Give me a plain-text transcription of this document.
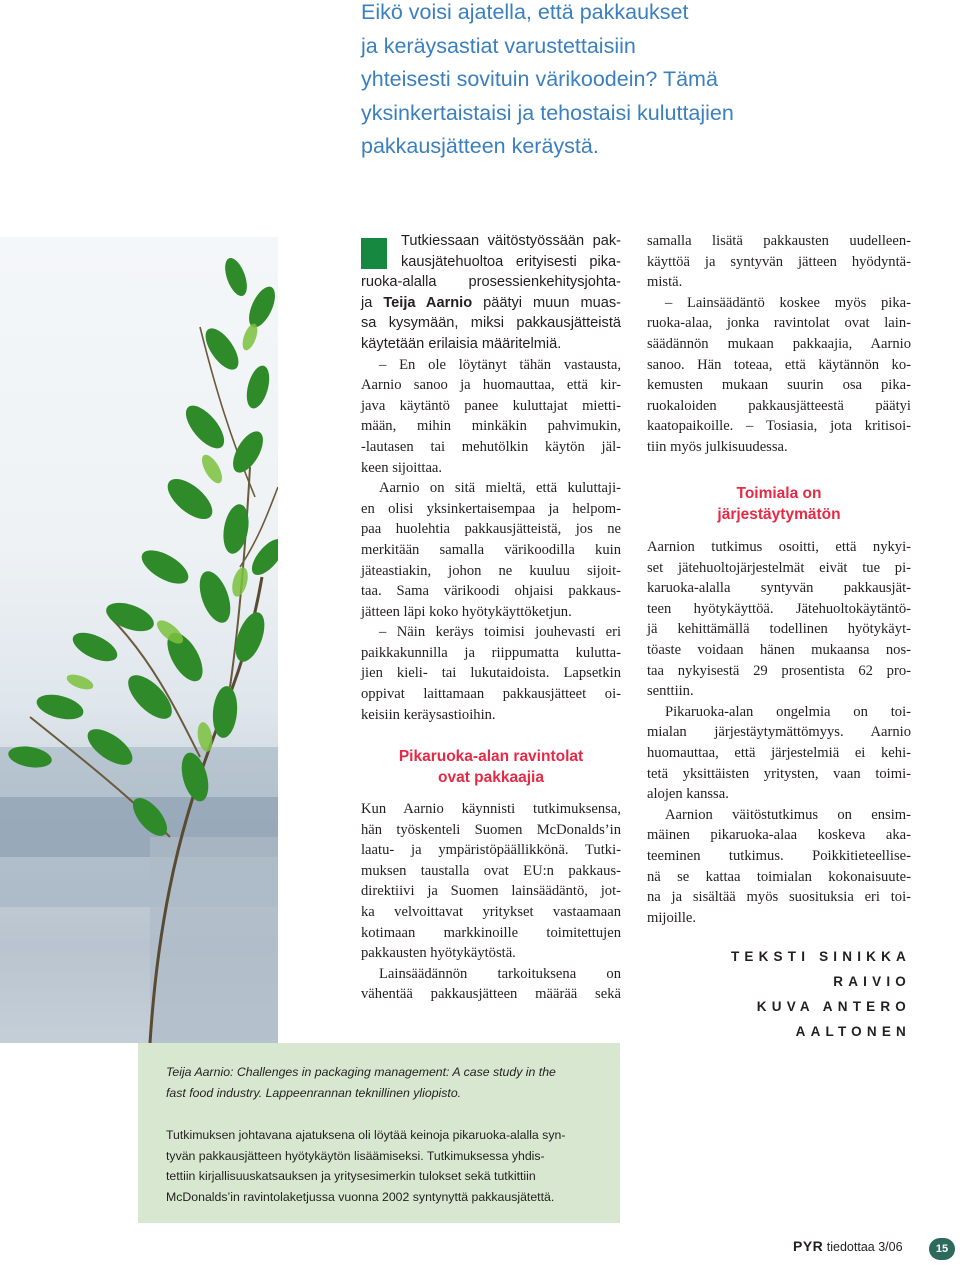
Eikö voisi ajatella, että pakkaukset
ja keräysastiat varustettaisiin
yhteisesti sovituin värikoodein? Tämä
yksinkertaistaisi ja tehostaisi kuluttajien
pakkausjätteen keräystä.
Tutkiessaan väitöstyössään pak-
kausjätehuoltoa erityisesti pika-
ruoka-alalla prosessienkehitysjohta-
ja Teija Aarnio päätyi muun muas-
sa kysymään, miksi pakkausjätteistä
käytetään erilaisia määritelmiä.
– En ole löytänyt tähän vastausta,
Aarnio sanoo ja huomauttaa, että kir-
java käytäntö panee kuluttajat mietti-
mään, mihin minkäkin pahvimukin,
-lautasen tai mehutölkin käytön jäl-
keen sijoittaa.
Aarnio on sitä mieltä, että kuluttaji-
en olisi yksinkertaisempaa ja helpom-
paa huolehtia pakkausjätteistä, jos ne
merkitään samalla värikoodilla kuin
jäteastiakin, johon ne kuuluu sijoit-
taa. Sama värikoodi ohjaisi pakkaus-
jätteen läpi koko hyötykäyttöketjun.
– Näin keräys toimisi jouhevasti eri
paikkakunnilla ja riippumatta kulutta-
jien kieli- tai lukutaidoista. Lapsetkin
oppivat laittamaan pakkausjätteet oi-
keisiin keräysastioihin.
Pikaruoka-alan ravintolat
ovat pakkaajia
Kun Aarnio käynnisti tutkimuksensa,
hän työskenteli Suomen McDonalds’in
laatu- ja ympäristöpäällikkönä. Tutki-
muksen taustalla ovat EU:n pakkaus-
direktiivi ja Suomen lainsäädäntö, jot-
ka velvoittavat yritykset vastaamaan
kotimaan markkinoille toimitettujen
pakkausten hyötykäytöstä.
Lainsäädännön tarkoituksena on
vähentää pakkausjätteen määrää sekä
samalla lisätä pakkausten uudelleen-
käyttöä ja syntyvän jätteen hyödyntä-
mistä.
– Lainsäädäntö koskee myös pika-
ruoka-alaa, jonka ravintolat ovat lain-
säädännön mukaan pakkaajia, Aarnio
sanoo. Hän toteaa, että käytännön ko-
kemusten mukaan suurin osa pika-
ruokaloiden pakkausjätteestä päätyi
kaatopaikoille. – Tosiasia, jota kritisoi-
tiin myös julkisuudessa.
Toimiala on
järjestäytymätön
Aarnion tutkimus osoitti, että nykyi-
set jätehuoltojärjestelmät eivät tue pi-
karuoka-alalla syntyvän pakkausjät-
teen hyötykäyttöä. Jätehuoltokäytäntö-
jä kehittämällä todellinen hyötykäyt-
töaste voidaan hänen mukaansa nos-
taa nykyisestä 29 prosentista 62 pro-
senttiin.
Pikaruoka-alan ongelmia on toi-
mialan järjestäytymättömyys. Aarnio
huomauttaa, että järjestelmiä ei kehi-
tetä yksittäisten yritysten, vaan toimi-
alojen kanssa.
Aarnion väitöstutkimus on ensim-
mäinen pikaruoka-alaa koskeva aka-
teeminen tutkimus. Poikkitieteellise-
nä se kattaa toimialan kokonaisuute-
na ja sisältää myös suosituksia eri toi-
mijoille.
TEKSTI SINIKKA RAIVIO
KUVA ANTERO AALTONEN
Teija Aarnio: Challenges in packaging management: A case study in the
fast food industry. Lappeenrannan teknillinen yliopisto.
Tutkimuksen johtavana ajatuksena oli löytää keinoja pikaruoka-alalla syn-
tyvän pakkausjätteen hyötykäytön lisäämiseksi. Tutkimuksessa yhdis-
tettiin kirjallisuuskatsauksen ja yritysesimerkin tulokset sekä tutkittiin
McDonalds’in ravintolaketjussa vuonna 2002 syntynyttä pakkausjätettä.
PYR tiedottaa 3/06	15
